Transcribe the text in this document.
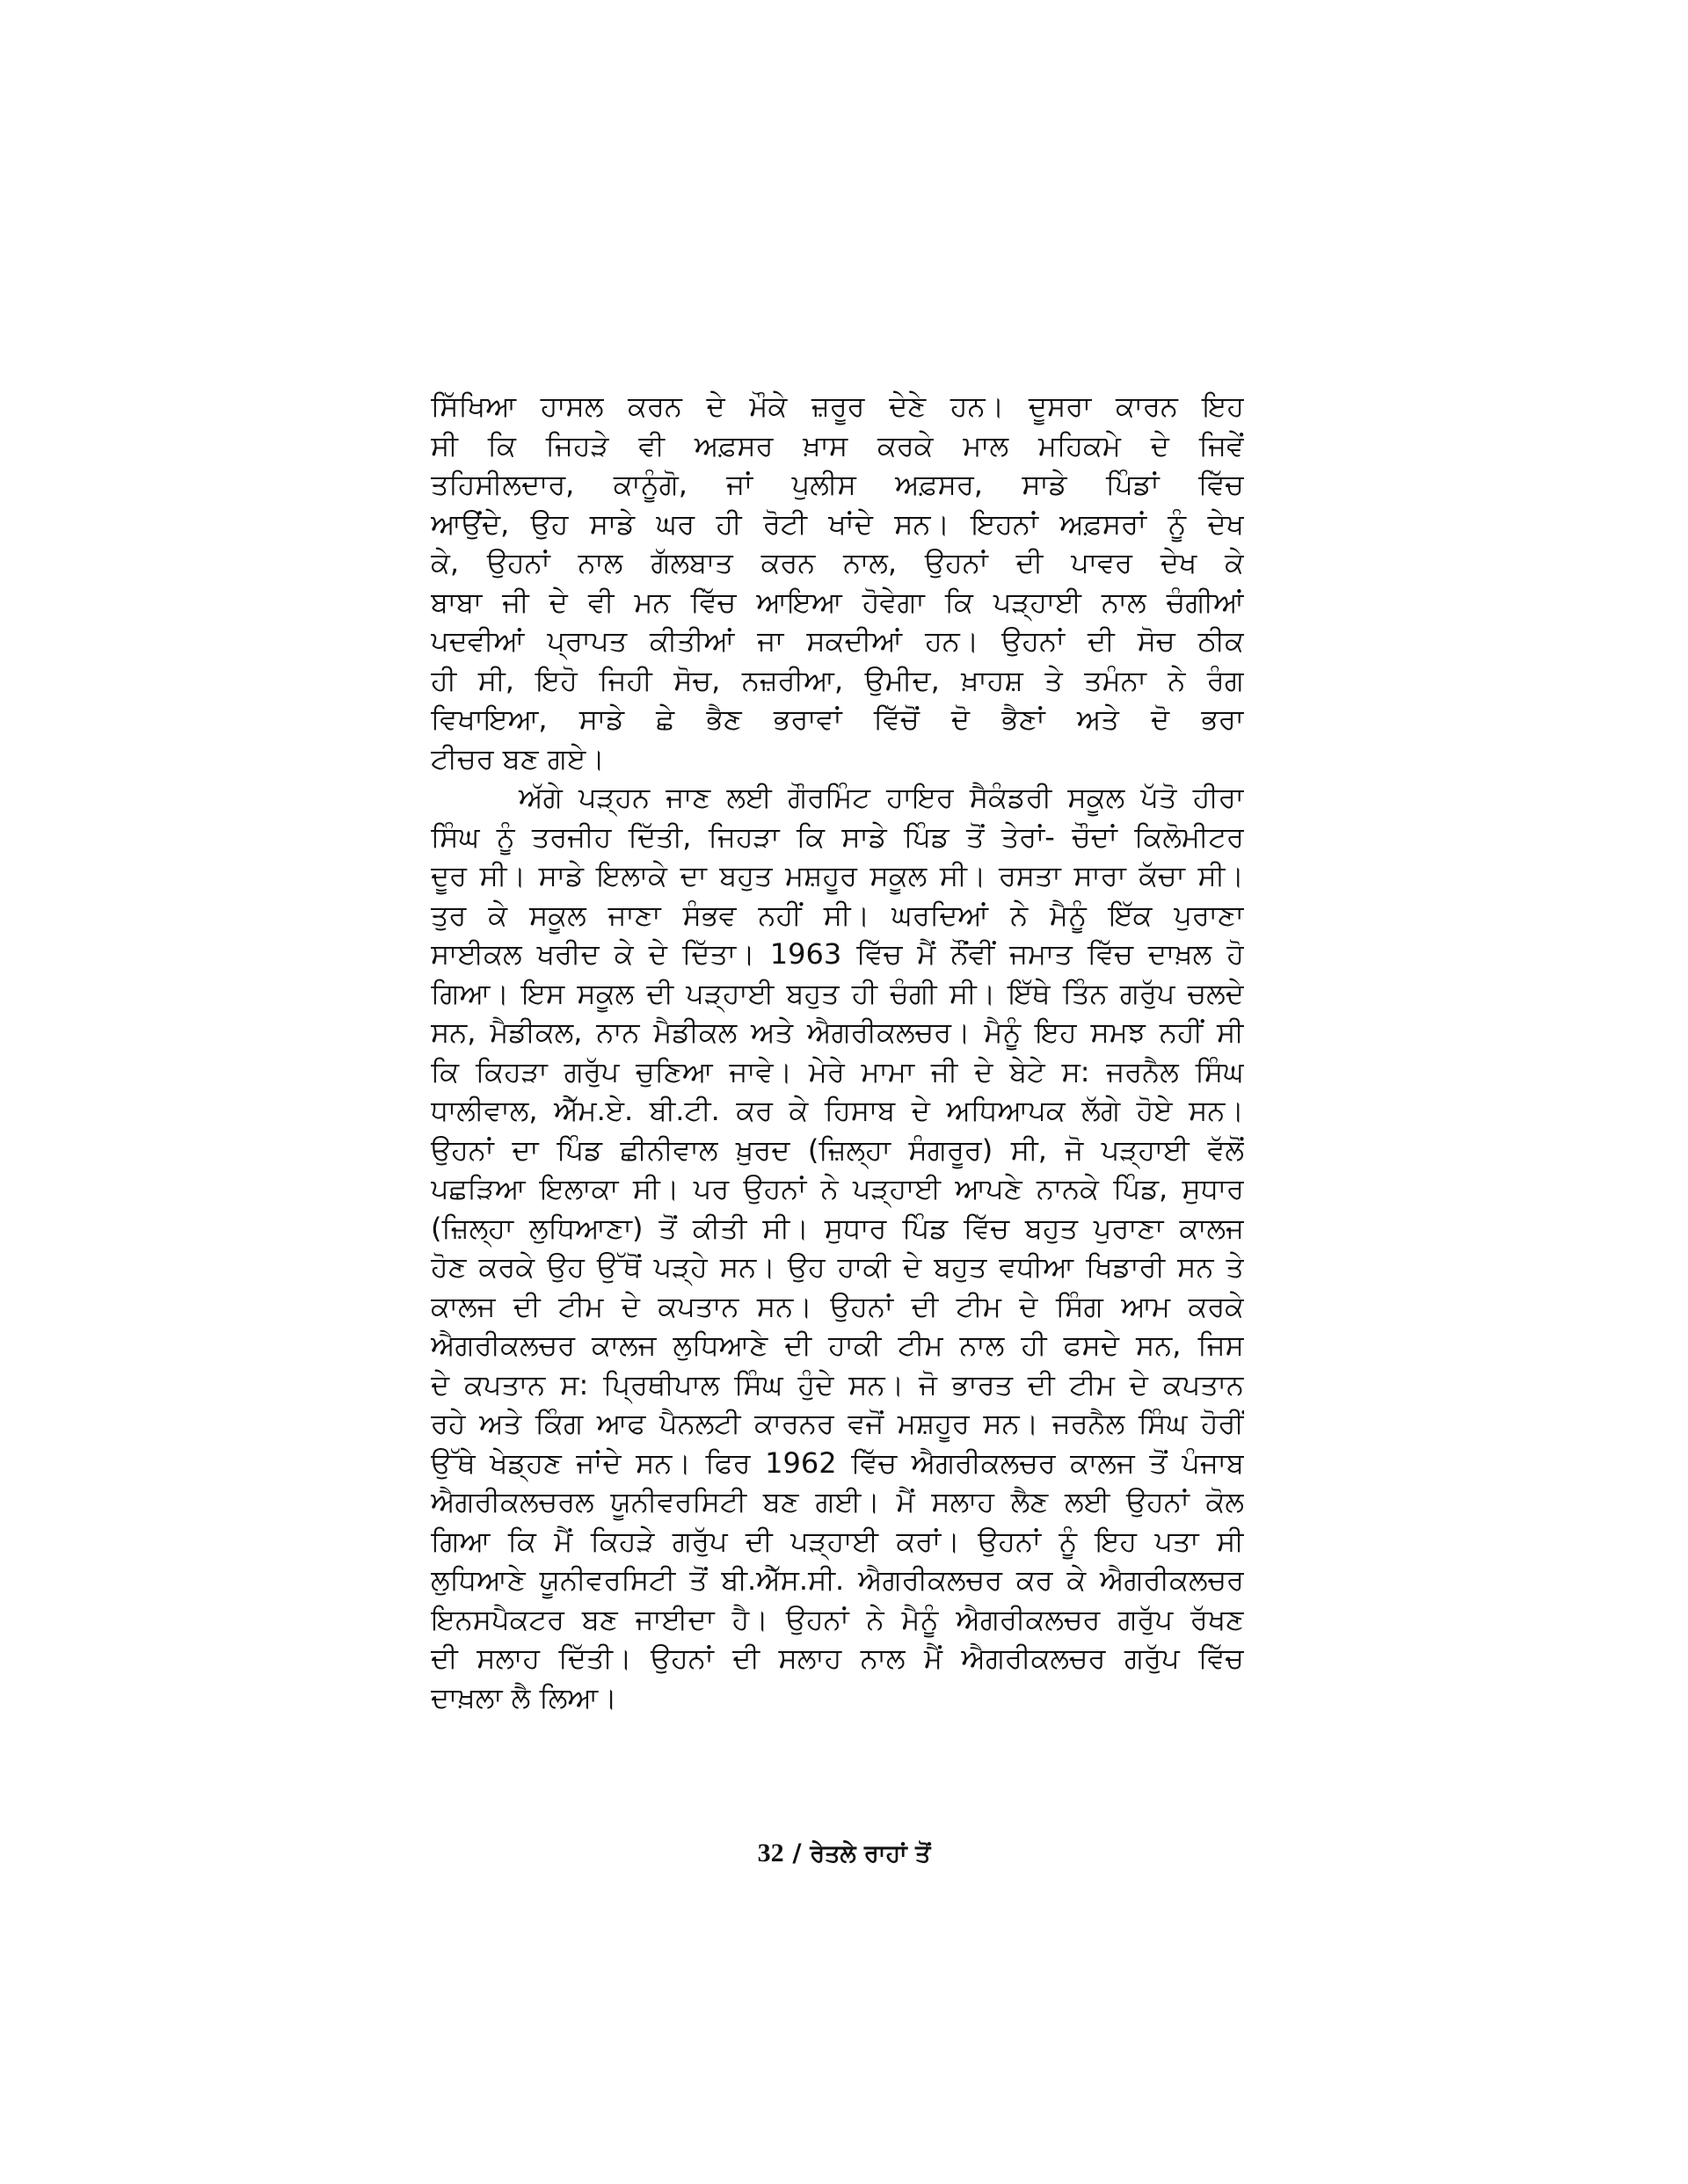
ਸਿੱਖਿਆ ਹਾਸਲ ਕਰਨ ਦੇ ਮੌਕੇ ਜ਼ਰੂਰ ਦੇਣੇ ਹਨ। ਦੂਸਰਾ ਕਾਰਨ ਇਹ
ਸੀ ਕਿ ਜਿਹੜੇ ਵੀ ਅਫ਼ਸਰ ਖ਼ਾਸ ਕਰਕੇ ਮਾਲ ਮਹਿਕਮੇ ਦੇ ਜਿਵੇਂ
ਤਹਿਸੀਲਦਾਰ, ਕਾਨੂੰਗੋ, ਜਾਂ ਪੁਲੀਸ ਅਫ਼ਸਰ, ਸਾਡੇ ਪਿੰਡਾਂ ਵਿੱਚ
ਆਉਂਦੇ, ਉਹ ਸਾਡੇ ਘਰ ਹੀ ਰੋਟੀ ਖਾਂਦੇ ਸਨ। ਇਹਨਾਂ ਅਫ਼ਸਰਾਂ ਨੂੰ ਦੇਖ
ਕੇ, ਉਹਨਾਂ ਨਾਲ ਗੱਲਬਾਤ ਕਰਨ ਨਾਲ, ਉਹਨਾਂ ਦੀ ਪਾਵਰ ਦੇਖ ਕੇ
ਬਾਬਾ ਜੀ ਦੇ ਵੀ ਮਨ ਵਿੱਚ ਆਇਆ ਹੋਵੇਗਾ ਕਿ ਪੜ੍ਹਾਈ ਨਾਲ ਚੰਗੀਆਂ
ਪਦਵੀਆਂ ਪ੍ਰਾਪਤ ਕੀਤੀਆਂ ਜਾ ਸਕਦੀਆਂ ਹਨ। ਉਹਨਾਂ ਦੀ ਸੋਚ ਠੀਕ
ਹੀ ਸੀ, ਇਹੋ ਜਿਹੀ ਸੋਚ, ਨਜ਼ਰੀਆ, ਉਮੀਦ, ਖ਼ਾਹਸ਼ ਤੇ ਤਮੰਨਾ ਨੇ ਰੰਗ
ਵਿਖਾਇਆ, ਸਾਡੇ ਛੇ ਭੈਣ ਭਰਾਵਾਂ ਵਿੱਚੋਂ ਦੋ ਭੈਣਾਂ ਅਤੇ ਦੋ ਭਰਾ
ਟੀਚਰ ਬਣ ਗਏ।
ਅੱਗੇ ਪੜ੍ਹਨ ਜਾਣ ਲਈ ਗੌਰਮਿੰਟ ਹਾਇਰ ਸੈਕੰਡਰੀ ਸਕੂਲ ਪੱਤੋ ਹੀਰਾ
ਸਿੰਘ ਨੂੰ ਤਰਜੀਹ ਦਿੱਤੀ, ਜਿਹੜਾ ਕਿ ਸਾਡੇ ਪਿੰਡ ਤੋਂ ਤੇਰਾਂ- ਚੌਦਾਂ ਕਿਲੋਮੀਟਰ
ਦੂਰ ਸੀ। ਸਾਡੇ ਇਲਾਕੇ ਦਾ ਬਹੁਤ ਮਸ਼ਹੂਰ ਸਕੂਲ ਸੀ। ਰਸਤਾ ਸਾਰਾ ਕੱਚਾ ਸੀ।
ਤੁਰ ਕੇ ਸਕੂਲ ਜਾਣਾ ਸੰਭਵ ਨਹੀਂ ਸੀ। ਘਰਦਿਆਂ ਨੇ ਮੈਨੂੰ ਇੱਕ ਪੁਰਾਣਾ
ਸਾਈਕਲ ਖਰੀਦ ਕੇ ਦੇ ਦਿੱਤਾ। 1963 ਵਿੱਚ ਮੈਂ ਨੌਂਵੀਂ ਜਮਾਤ ਵਿੱਚ ਦਾਖ਼ਲ ਹੋ
ਗਿਆ। ਇਸ ਸਕੂਲ ਦੀ ਪੜ੍ਹਾਈ ਬਹੁਤ ਹੀ ਚੰਗੀ ਸੀ। ਇੱਥੇ ਤਿੰਨ ਗਰੁੱਪ ਚਲਦੇ
ਸਨ, ਮੈਡੀਕਲ, ਨਾਨ ਮੈਡੀਕਲ ਅਤੇ ਐਗਰੀਕਲਚਰ। ਮੈਨੂੰ ਇਹ ਸਮਝ ਨਹੀਂ ਸੀ
ਕਿ ਕਿਹੜਾ ਗਰੁੱਪ ਚੁਣਿਆ ਜਾਵੇ। ਮੇਰੇ ਮਾਮਾ ਜੀ ਦੇ ਬੇਟੇ ਸ: ਜਰਨੈਲ ਸਿੰਘ
ਧਾਲੀਵਾਲ, ਐੱਮ.ਏ. ਬੀ.ਟੀ. ਕਰ ਕੇ ਹਿਸਾਬ ਦੇ ਅਧਿਆਪਕ ਲੱਗੇ ਹੋਏ ਸਨ।
ਉਹਨਾਂ ਦਾ ਪਿੰਡ ਛੀਨੀਵਾਲ ਖ਼ੁਰਦ (ਜ਼ਿਲ੍ਹਾ ਸੰਗਰੂਰ) ਸੀ, ਜੋ ਪੜ੍ਹਾਈ ਵੱਲੋਂ
ਪਛੜਿਆ ਇਲਾਕਾ ਸੀ। ਪਰ ਉਹਨਾਂ ਨੇ ਪੜ੍ਹਾਈ ਆਪਣੇ ਨਾਨਕੇ ਪਿੰਡ, ਸੁਧਾਰ
(ਜ਼ਿਲ੍ਹਾ ਲੁਧਿਆਣਾ) ਤੋਂ ਕੀਤੀ ਸੀ। ਸੁਧਾਰ ਪਿੰਡ ਵਿੱਚ ਬਹੁਤ ਪੁਰਾਣਾ ਕਾਲਜ
ਹੋਣ ਕਰਕੇ ਉਹ ਉੱਥੋਂ ਪੜ੍ਹੇ ਸਨ। ਉਹ ਹਾਕੀ ਦੇ ਬਹੁਤ ਵਧੀਆ ਖਿਡਾਰੀ ਸਨ ਤੇ
ਕਾਲਜ ਦੀ ਟੀਮ ਦੇ ਕਪਤਾਨ ਸਨ। ਉਹਨਾਂ ਦੀ ਟੀਮ ਦੇ ਸਿੰਗ ਆਮ ਕਰਕੇ
ਐਗਰੀਕਲਚਰ ਕਾਲਜ ਲੁਧਿਆਣੇ ਦੀ ਹਾਕੀ ਟੀਮ ਨਾਲ ਹੀ ਫਸਦੇ ਸਨ, ਜਿਸ
ਦੇ ਕਪਤਾਨ ਸ: ਪ੍ਰਿਥੀਪਾਲ ਸਿੰਘ ਹੁੰਦੇ ਸਨ। ਜੋ ਭਾਰਤ ਦੀ ਟੀਮ ਦੇ ਕਪਤਾਨ
ਰਹੇ ਅਤੇ ਕਿੰਗ ਆਫ ਪੈਨਲਟੀ ਕਾਰਨਰ ਵਜੋਂ ਮਸ਼ਹੂਰ ਸਨ। ਜਰਨੈਲ ਸਿੰਘ ਹੋਰੀਂ
ਉੱਥੇ ਖੇਡ੍ਹਣ ਜਾਂਦੇ ਸਨ। ਫਿਰ 1962 ਵਿੱਚ ਐਗਰੀਕਲਚਰ ਕਾਲਜ ਤੋਂ ਪੰਜਾਬ
ਐਗਰੀਕਲਚਰਲ ਯੂਨੀਵਰਸਿਟੀ ਬਣ ਗਈ। ਮੈਂ ਸਲਾਹ ਲੈਣ ਲਈ ਉਹਨਾਂ ਕੋਲ
ਗਿਆ ਕਿ ਮੈਂ ਕਿਹੜੇ ਗਰੁੱਪ ਦੀ ਪੜ੍ਹਾਈ ਕਰਾਂ। ਉਹਨਾਂ ਨੂੰ ਇਹ ਪਤਾ ਸੀ
ਲੁਧਿਆਣੇ ਯੂਨੀਵਰਸਿਟੀ ਤੋਂ ਬੀ.ਐੱਸ.ਸੀ. ਐਗਰੀਕਲਚਰ ਕਰ ਕੇ ਐਗਰੀਕਲਚਰ
ਇਨਸਪੈਕਟਰ ਬਣ ਜਾਈਦਾ ਹੈ। ਉਹਨਾਂ ਨੇ ਮੈਨੂੰ ਐਗਰੀਕਲਚਰ ਗਰੁੱਪ ਰੱਖਣ
ਦੀ ਸਲਾਹ ਦਿੱਤੀ। ਉਹਨਾਂ ਦੀ ਸਲਾਹ ਨਾਲ ਮੈਂ ਐਗਰੀਕਲਚਰ ਗਰੁੱਪ ਵਿੱਚ
ਦਾਖ਼ਲਾ ਲੈ ਲਿਆ।
32 / ਰੇਤਲੇ ਰਾਹਾਂ ਤੋਂ
